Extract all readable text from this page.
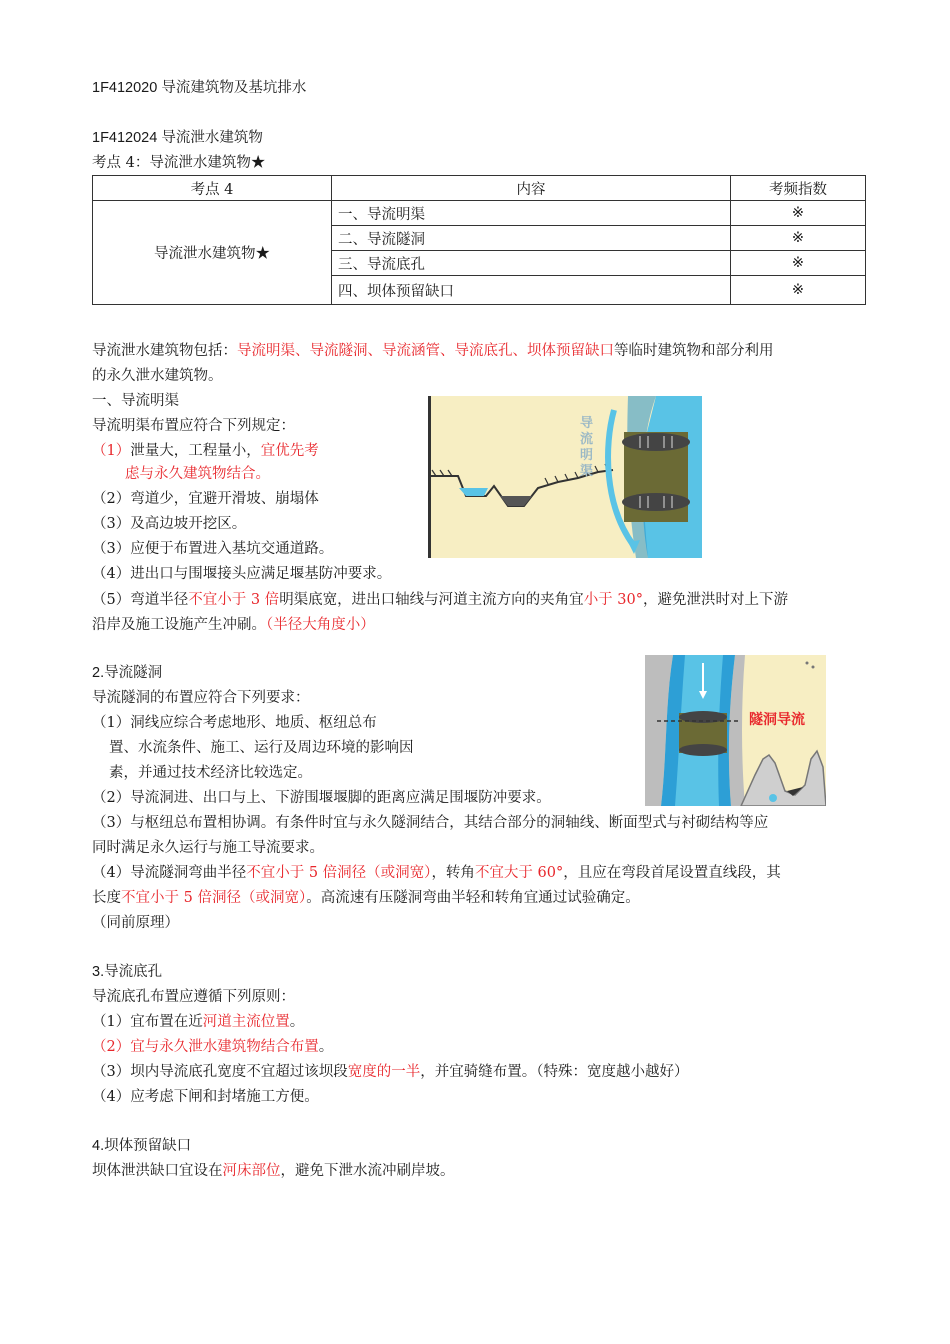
1F412020 导流建筑物及基坑排水
1F412024 导流泄水建筑物
考点 4：导流泄水建筑物★
考点 4	内容	考频指数
导流泄水建筑物★	一、导流明渠	※
	二、导流隧洞	※
	三、导流底孔	※
	四、坝体预留缺口	※
导流泄水建筑物包括：导流明渠、导流隧洞、导流涵管、导流底孔、坝体预留缺口等临时建筑物和部分利用
的永久泄水建筑物。
一、导流明渠
导流明渠布置应符合下列规定：
（1）泄量大，工程量小，宜优先考
虑与永久建筑物结合。
（2）弯道少，宜避开滑坡、崩塌体
（3）及高边坡开挖区。
（3）应便于布置进入基坑交通道路。
（4）进出口与围堰接头应满足堰基防冲要求。
（5）弯道半径不宜小于 3 倍明渠底宽，进出口轴线与河道主流方向的夹角宜小于 30°，避免泄洪时对上下游
沿岸及施工设施产生冲刷。（半径大角度小）
2.导流隧洞
导流隧洞的布置应符合下列要求：
（1）洞线应综合考虑地形、地质、枢纽总布
置、水流条件、施工、运行及周边环境的影响因
素，并通过技术经济比较选定。
（2）导流洞进、出口与上、下游围堰堰脚的距离应满足围堰防冲要求。
（3）与枢纽总布置相协调。有条件时宜与永久隧洞结合，其结合部分的洞轴线、断面型式与衬砌结构等应
同时满足永久运行与施工导流要求。
（4）导流隧洞弯曲半径不宜小于 5 倍洞径（或洞宽），转角不宜大于 60°，且应在弯段首尾设置直线段，其
长度不宜小于 5 倍洞径（或洞宽）。高流速有压隧洞弯曲半轻和转角宜通过试验确定。
（同前原理）
3.导流底孔
导流底孔布置应遵循下列原则：
（1）宜布置在近河道主流位置。
（2）宜与永久泄水建筑物结合布置。
（3）坝内导流底孔宽度不宜超过该坝段宽度的一半，并宜骑缝布置。（特殊：宽度越小越好）
（4）应考虑下闸和封堵施工方便。
4.坝体预留缺口
坝体泄洪缺口宜设在河床部位，避免下泄水流冲刷岸坡。
导流明渠
隧洞导流
